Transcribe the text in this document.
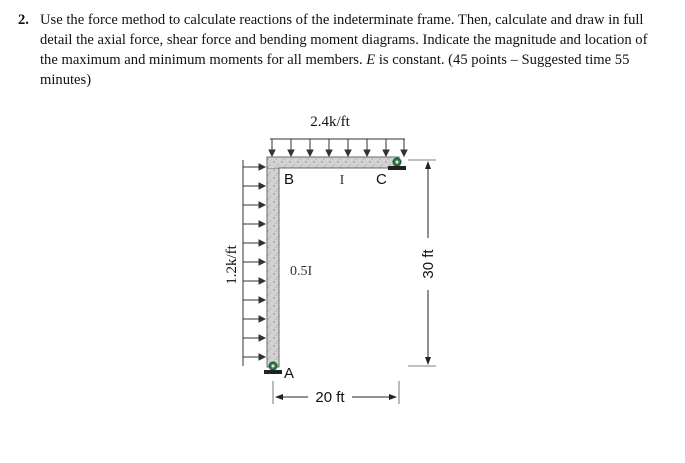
2. Use the force method to calculate reactions of the indeterminate frame. Then, calculate and draw in full detail the axial force, shear force and bending moment diagrams. Indicate the magnitude and location of the maximum and minimum moments for all members. E is constant. (45 points – Suggested time 55 minutes)
2.4k/ft
1.2k/ft
B	C
A
I
0.5I
20 ft
30 ft
